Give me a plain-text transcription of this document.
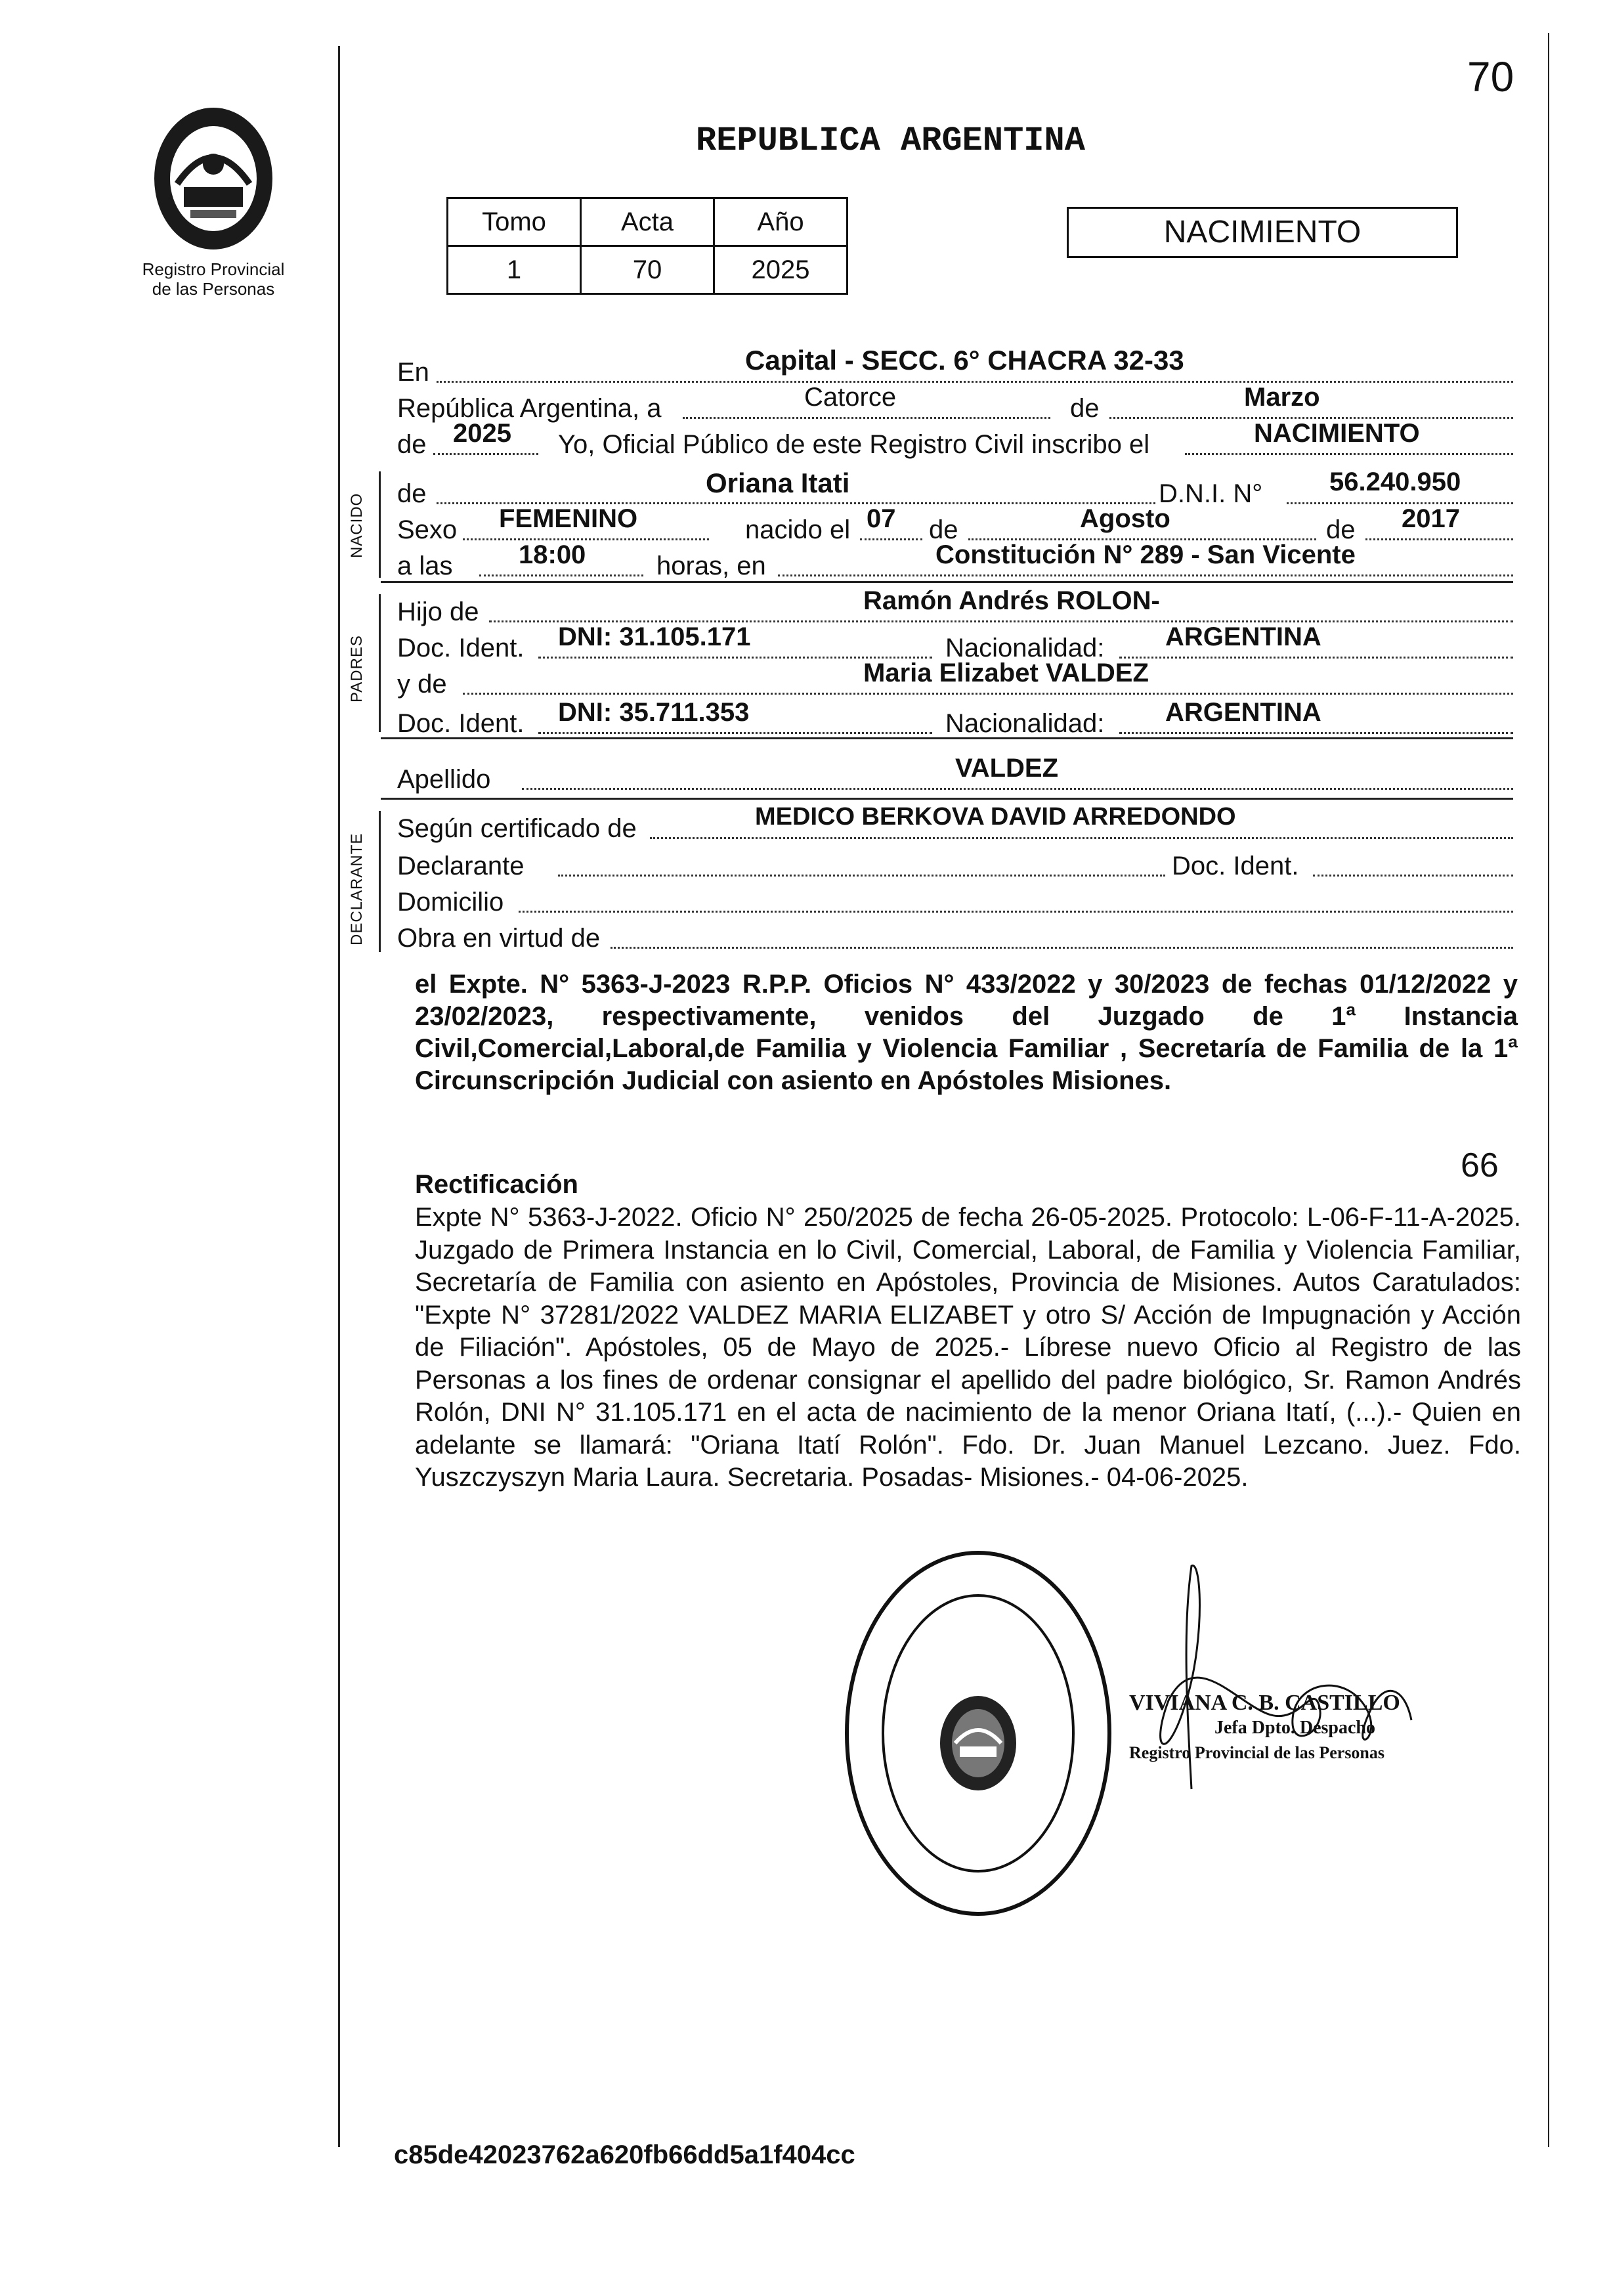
70
Registro Provincial
de las Personas
REPUBLICA ARGENTINA
Tomo	Acta	Año
1	70	2025
NACIMIENTO
En	Capital - SECC. 6° CHACRA 32-33
República Argentina, a	Catorce	de	Marzo
de 2025 Yo, Oficial Público de este Registro Civil inscribo el	NACIMIENTO
NACIDO de	Oriana Itati	D.N.I. N°	56.240.950
Sexo FEMENINO	nacido el 07 de	Agosto	de 2017
a las	18:00	horas, en	Constitución N° 289 - San Vicente
PADRES
Hijo de	Ramón Andrés ROLON-
Doc. Ident. DNI: 31.105.171	Nacionalidad: ARGENTINA
y de	Maria Elizabet VALDEZ
Doc. Ident. DNI: 35.711.353	Nacionalidad: ARGENTINA
Apellido	VALDEZ
DECLARANTE
Según certificado de	MEDICO BERKOVA DAVID ARREDONDO
Declarante	Doc. Ident.
Domicilio
Obra en virtud de
el Expte. N° 5363-J-2023 R.P.P. Oficios N° 433/2022 y 30/2023 de fechas 01/12/2022 y 23/02/2023, respectivamente, venidos del Juzgado de 1ª Instancia Civil,Comercial,Laboral,de Familia y Violencia Familiar , Secretaría de Familia de la 1ª Circunscripción Judicial con asiento en Apóstoles Misiones.
66
Rectificación
Expte N° 5363-J-2022. Oficio N° 250/2025 de fecha 26-05-2025. Protocolo: L-06-F-11-A-2025. Juzgado de Primera Instancia en lo Civil, Comercial, Laboral, de Familia y Violencia Familiar, Secretaría de Familia con asiento en Apóstoles, Provincia de Misiones. Autos Caratulados: "Expte N° 37281/2022 VALDEZ MARIA ELIZABET y otro S/ Acción de Impugnación y Acción de Filiación". Apóstoles, 05 de Mayo de 2025.- Líbrese nuevo Oficio al Registro de las Personas a los fines de ordenar consignar el apellido del padre biológico, Sr. Ramon Andrés Rolón, DNI N° 31.105.171 en el acta de nacimiento de la menor Oriana Itatí, (...).- Quien en adelante se llamará: "Oriana Itatí Rolón". Fdo. Dr. Juan Manuel Lezcano. Juez. Fdo. Yuszczyszyn Maria Laura. Secretaria. Posadas- Misiones.- 04-06-2025.
VIVIANA C. B. CASTILLO
Jefa Dpto. Despacho
Registro Provincial de las Personas
c85de42023762a620fb66dd5a1f404cc
